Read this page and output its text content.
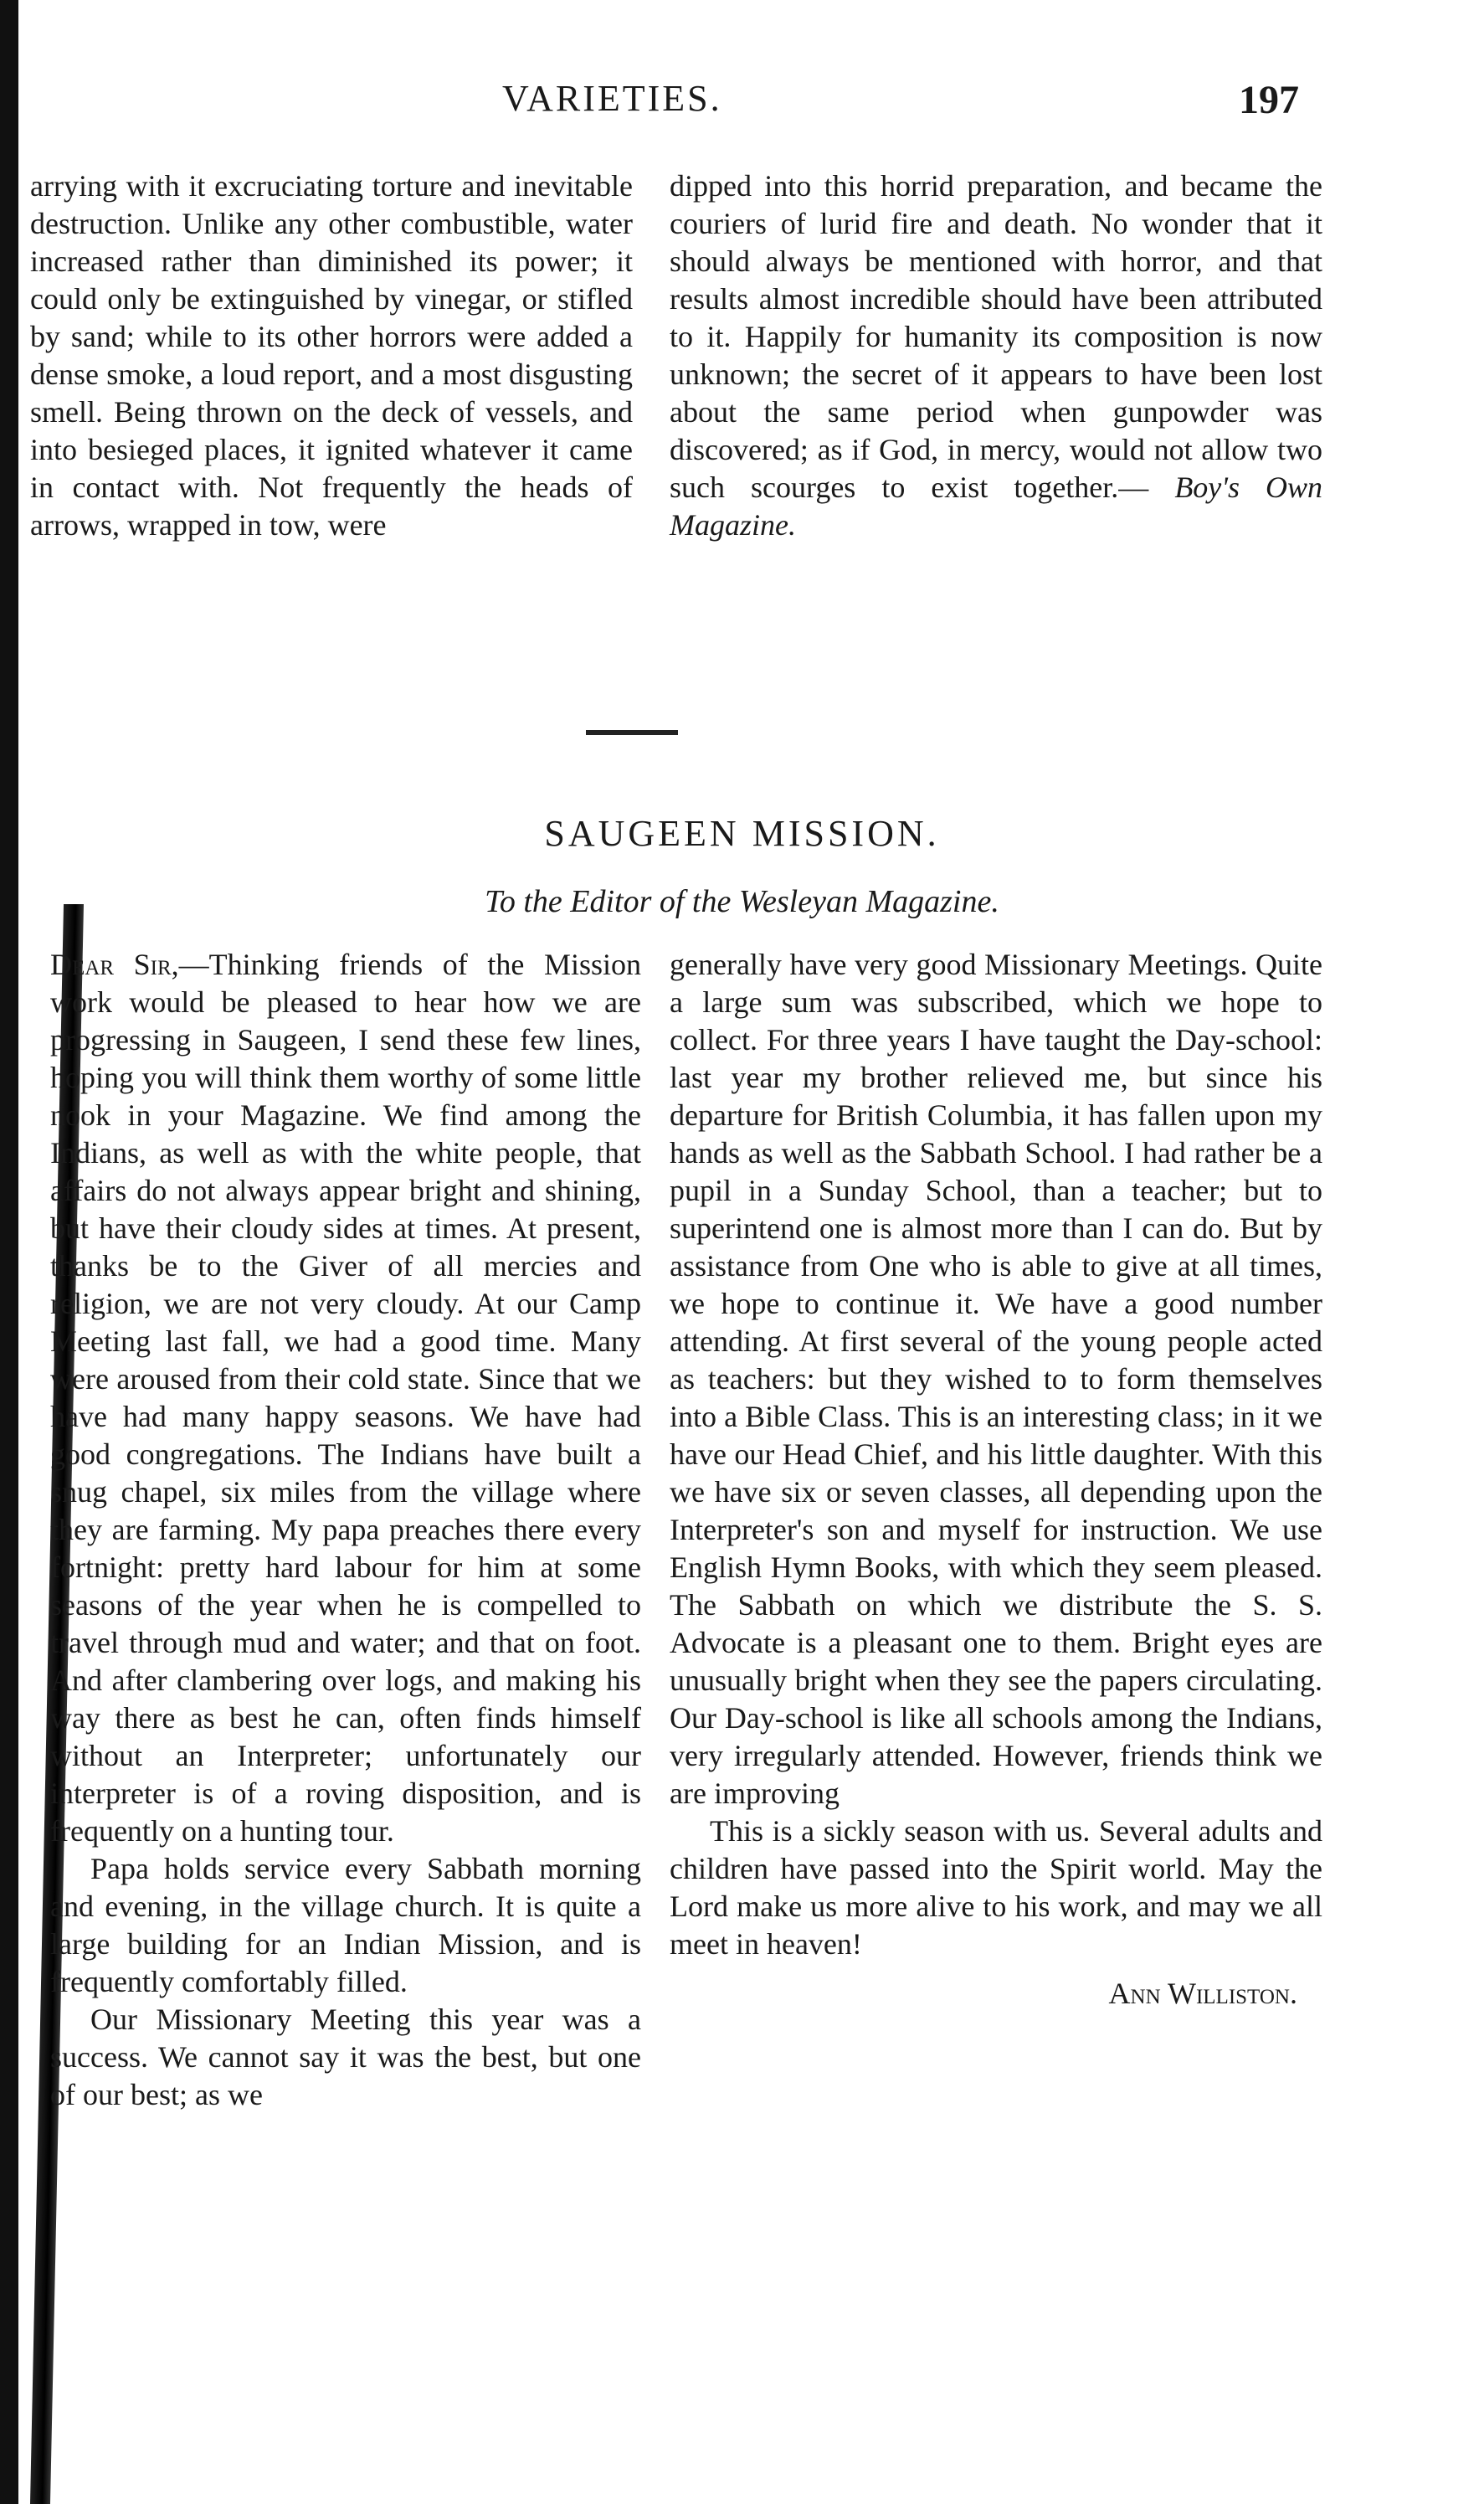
VARIETIES.	197

arrying with it excruciating torture and inevitable destruction. Unlike any other combustible, water increased rather than diminished its power; it could only be extinguished by vinegar, or stifled by sand; while to its other horrors were added a dense smoke, a loud report, and a most disgusting smell. Being thrown on the deck of vessels, and into besieged places, it ignited whatever it came in contact with. Not frequently the heads of arrows, wrapped in tow, were

dipped into this horrid preparation, and became the couriers of lurid fire and death. No wonder that it should always be mentioned with horror, and that results almost incredible should have been attributed to it. Happily for humanity its composition is now unknown; the secret of it appears to have been lost about the same period when gunpowder was discovered; as if God, in mercy, would not allow two such scourges to exist together.— Boy's Own Magazine.

SAUGEEN MISSION.
To the Editor of the Wesleyan Magazine.

Dear Sir,—Thinking friends of the Mission work would be pleased to hear how we are progressing in Saugeen, I send these few lines, hoping you will think them worthy of some little nook in your Magazine. We find among the Indians, as well as with the white people, that affairs do not always appear bright and shining, but have their cloudy sides at times. At present, thanks be to the Giver of all mercies and religion, we are not very cloudy. At our Camp Meeting last fall, we had a good time. Many were aroused from their cold state. Since that we have had many happy seasons. We have had good congregations. The Indians have built a snug chapel, six miles from the village where they are farming. My papa preaches there every fortnight: pretty hard labour for him at some seasons of the year when he is compelled to travel through mud and water; and that on foot. And after clambering over logs, and making his way there as best he can, often finds himself without an Interpreter; unfortunately our interpreter is of a roving disposition, and is frequently on a hunting tour.

Papa holds service every Sabbath morning and evening, in the village church. It is quite a large building for an Indian Mission, and is frequently comfortably filled.

Our Missionary Meeting this year was a success. We cannot say it was the best, but one of our best; as we

generally have very good Missionary Meetings. Quite a large sum was subscribed, which we hope to collect. For three years I have taught the Day-school: last year my brother relieved me, but since his departure for British Columbia, it has fallen upon my hands as well as the Sabbath School. I had rather be a pupil in a Sunday School, than a teacher; but to superintend one is almost more than I can do. But by assistance from One who is able to give at all times, we hope to continue it. We have a good number attending. At first several of the young people acted as teachers: but they wished to to form themselves into a Bible Class. This is an interesting class; in it we have our Head Chief, and his little daughter. With this we have six or seven classes, all depending upon the Interpreter's son and myself for instruction. We use English Hymn Books, with which they seem pleased. The Sabbath on which we distribute the S. S. Advocate is a pleasant one to them. Bright eyes are unusually bright when they see the papers circulating. Our Day-school is like all schools among the Indians, very irregularly attended. However, friends think we are improving

This is a sickly season with us. Several adults and children have passed into the Spirit world. May the Lord make us more alive to his work, and may we all meet in heaven!

Ann Williston.
